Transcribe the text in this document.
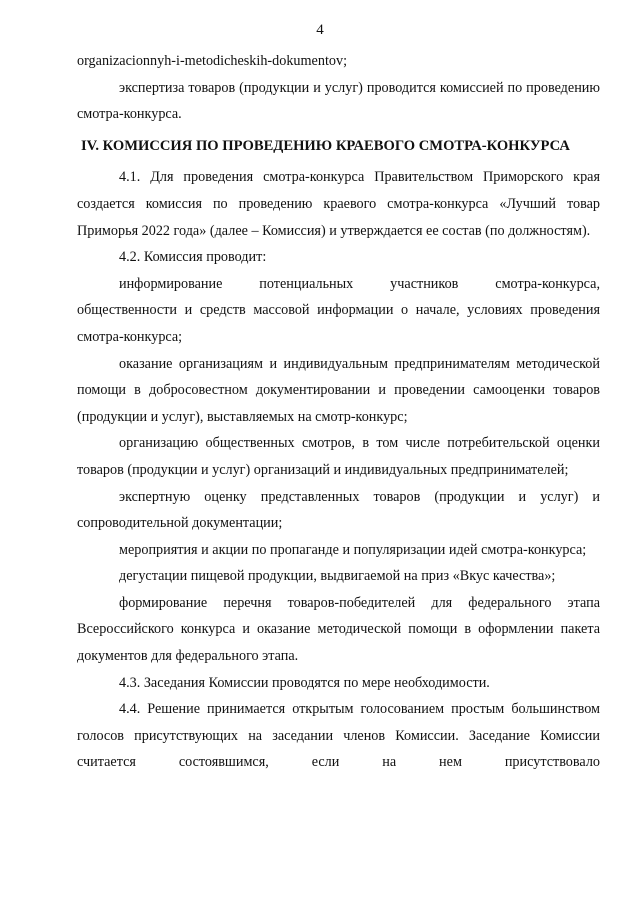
4

organizacionnyh-i-metodicheskih-dokumentov;

экспертиза товаров (продукции и услуг) проводится комиссией по проведению смотра-конкурса.

IV. КОМИССИЯ ПО ПРОВЕДЕНИЮ КРАЕВОГО СМОТРА-КОНКУРСА

4.1. Для проведения смотра-конкурса Правительством Приморского края создается комиссия по проведению краевого смотра-конкурса «Лучший товар Приморья 2022 года» (далее – Комиссия) и утверждается ее состав (по должностям).

4.2. Комиссия проводит:

информирование потенциальных участников смотра-конкурса, общественности и средств массовой информации о начале, условиях проведения смотра-конкурса;

оказание организациям и индивидуальным предпринимателям методической помощи в добросовестном документировании и проведении самооценки товаров (продукции и услуг), выставляемых на смотр-конкурс;

организацию общественных смотров, в том числе потребительской оценки товаров (продукции и услуг) организаций и индивидуальных предпринимателей;

экспертную оценку представленных товаров (продукции и услуг) и сопроводительной документации;

мероприятия и акции по пропаганде и популяризации идей смотра-конкурса;

дегустации пищевой продукции, выдвигаемой на приз «Вкус качества»;

формирование перечня товаров-победителей для федерального этапа Всероссийского конкурса и оказание методической помощи в оформлении пакета документов для федерального этапа.

4.3. Заседания Комиссии проводятся по мере необходимости.

4.4. Решение принимается открытым голосованием простым большинством голосов присутствующих на заседании членов Комиссии. Заседание Комиссии считается состоявшимся, если на нем присутствовало
